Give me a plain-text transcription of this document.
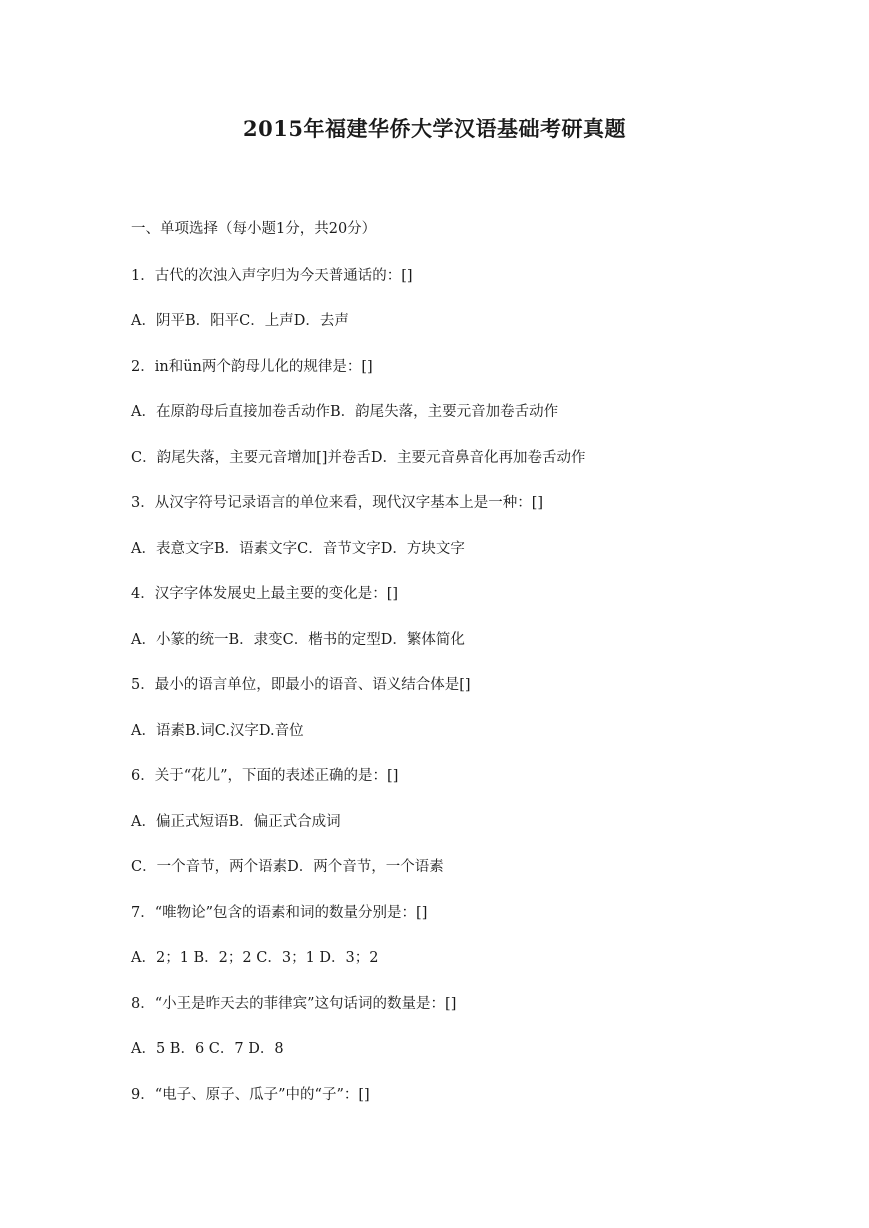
2015年福建华侨大学汉语基础考研真题
一、单项选择（每小题1分，共20分）
1．古代的次浊入声字归为今天普通话的：[]
A．阴平B．阳平C．上声D．去声
2．in和ün两个韵母儿化的规律是：[]
A．在原韵母后直接加卷舌动作B．韵尾失落，主要元音加卷舌动作
C．韵尾失落，主要元音增加[]并卷舌D．主要元音鼻音化再加卷舌动作
3．从汉字符号记录语言的单位来看，现代汉字基本上是一种：[]
A．表意文字B．语素文字C．音节文字D．方块文字
4．汉字字体发展史上最主要的变化是：[]
A．小篆的统一B．隶变C．楷书的定型D．繁体简化
5．最小的语言单位，即最小的语音、语义结合体是[]
A．语素B.词C.汉字D.音位
6．关于“花儿”，下面的表述正确的是：[]
A．偏正式短语B．偏正式合成词
C．一个音节，两个语素D．两个音节，一个语素
7．“唯物论”包含的语素和词的数量分别是：[]
A．2；1 B．2；2 C．3；1 D．3；2
8．“小王是昨天去的菲律宾”这句话词的数量是：[]
A．5 B．6 C．7 D．8
9．“电子、原子、瓜子”中的“子”：[]
